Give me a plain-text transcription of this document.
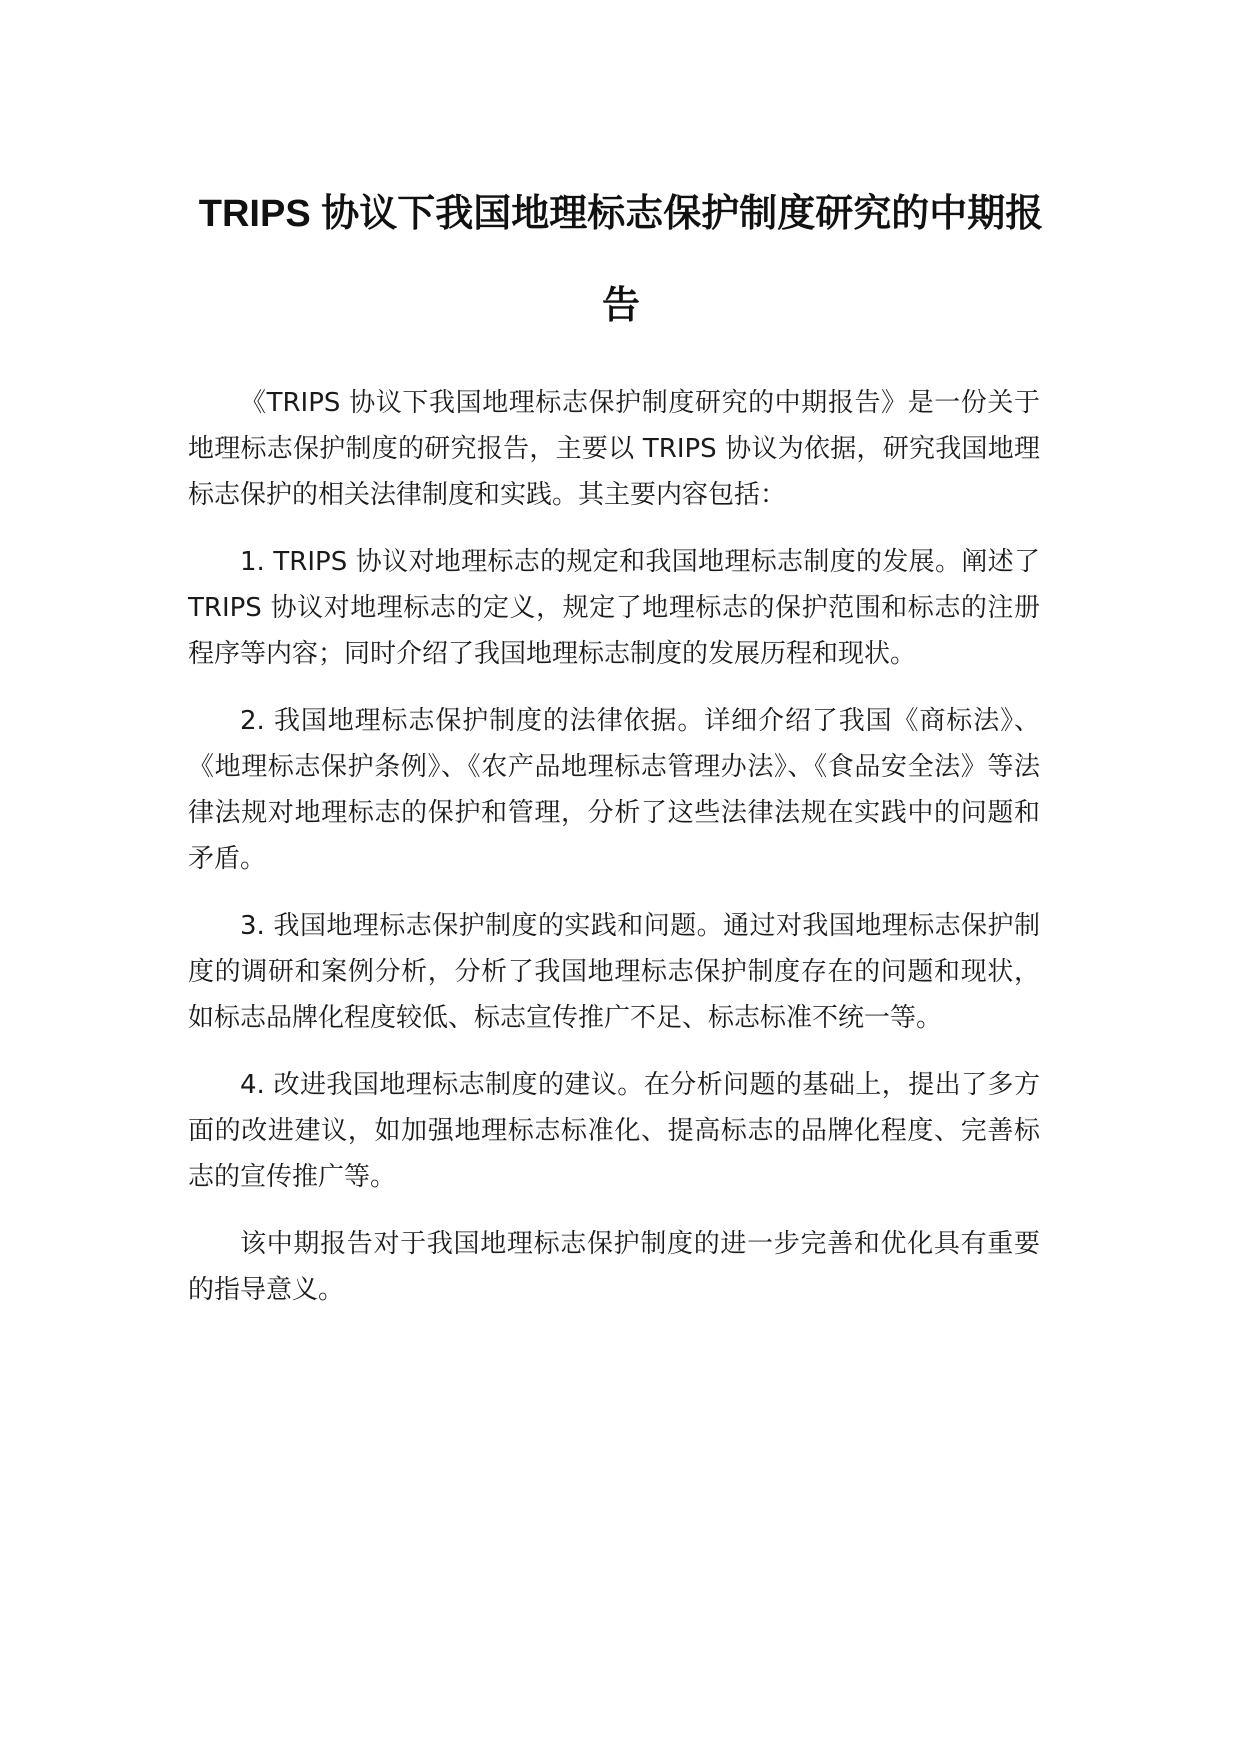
TRIPS 协议下我国地理标志保护制度研究的中期报告

《TRIPS 协议下我国地理标志保护制度研究的中期报告》是一份关于地理标志保护制度的研究报告，主要以 TRIPS 协议为依据，研究我国地理标志保护的相关法律制度和实践。其主要内容包括：

1. TRIPS 协议对地理标志的规定和我国地理标志制度的发展。阐述了 TRIPS 协议对地理标志的定义，规定了地理标志的保护范围和标志的注册程序等内容；同时介绍了我国地理标志制度的发展历程和现状。

2. 我国地理标志保护制度的法律依据。详细介绍了我国《商标法》、《地理标志保护条例》、《农产品地理标志管理办法》、《食品安全法》等法律法规对地理标志的保护和管理，分析了这些法律法规在实践中的问题和矛盾。

3. 我国地理标志保护制度的实践和问题。通过对我国地理标志保护制度的调研和案例分析，分析了我国地理标志保护制度存在的问题和现状，如标志品牌化程度较低、标志宣传推广不足、标志标准不统一等。

4. 改进我国地理标志制度的建议。在分析问题的基础上，提出了多方面的改进建议，如加强地理标志标准化、提高标志的品牌化程度、完善标志的宣传推广等。

该中期报告对于我国地理标志保护制度的进一步完善和优化具有重要的指导意义。
